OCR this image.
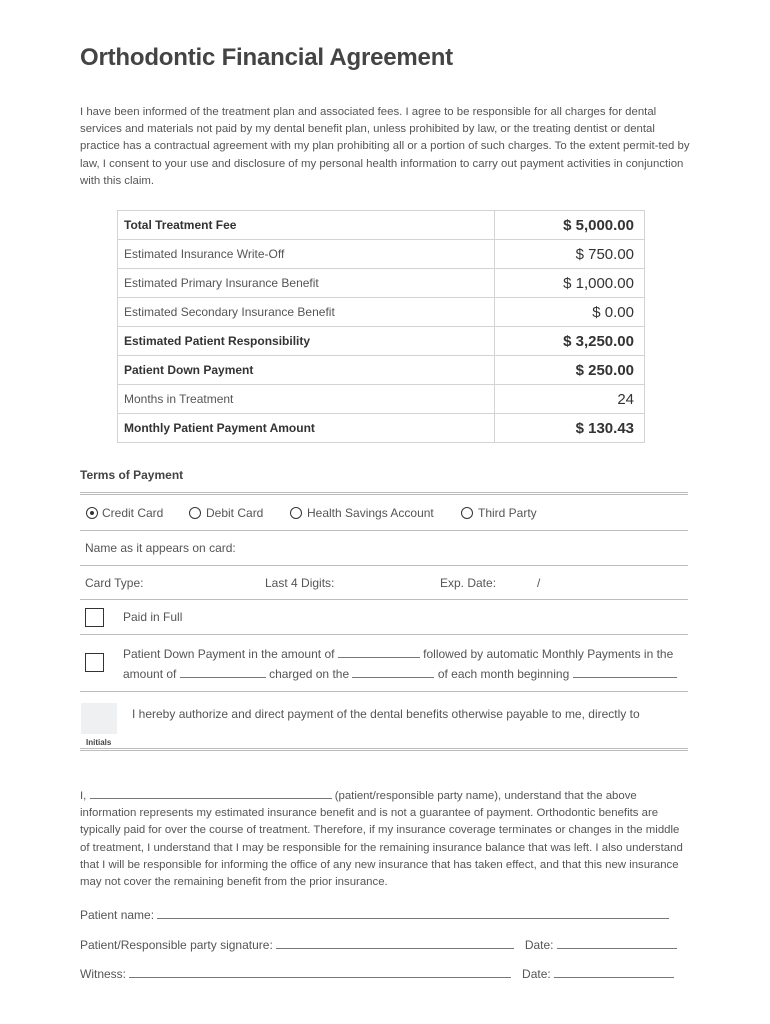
Orthodontic Financial Agreement
I have been informed of the treatment plan and associated fees. I agree to be responsible for all charges for dental services and materials not paid by my dental benefit plan, unless prohibited by law, or the treating dentist or dental practice has a contractual agreement with my plan prohibiting all or a portion of such charges. To the extent permit-ted by law, I consent to your use and disclosure of my personal health information to carry out payment activities in conjunction with this claim.
Total Treatment Fee	$ 5,000.00
Estimated Insurance Write-Off	$ 750.00
Estimated Primary Insurance Benefit	$ 1,000.00
Estimated Secondary Insurance Benefit	$ 0.00
Estimated Patient Responsibility	$ 3,250.00
Patient Down Payment	$ 250.00
Months in Treatment	24
Monthly Patient Payment Amount	$ 130.43
Terms of Payment
Credit Card	Debit Card	Health Savings Account	Third Party
Name as it appears on card:
Card Type:	Last 4 Digits:	Exp. Date:	/
Paid in Full
Patient Down Payment in the amount of	followed by automatic Monthly Payments in the
amount of	charged on the	of each month beginning
I hereby authorize and direct payment of the dental benefits otherwise payable to me, directly to
Initials
I,	(patient/responsible party name), understand that the above information represents my estimated insurance benefit and is not a guarantee of payment. Orthodontic benefits are typically paid for over the course of treatment. Therefore, if my insurance coverage terminates or changes in the middle of treatment, I understand that I may be responsible for the remaining insurance balance that was left. I also understand that I will be responsible for informing the office of any new insurance that has taken effect, and that this new insurance may not cover the remaining benefit from the prior insurance.
Patient name:
Patient/Responsible party signature:	Date:
Witness:	Date:
